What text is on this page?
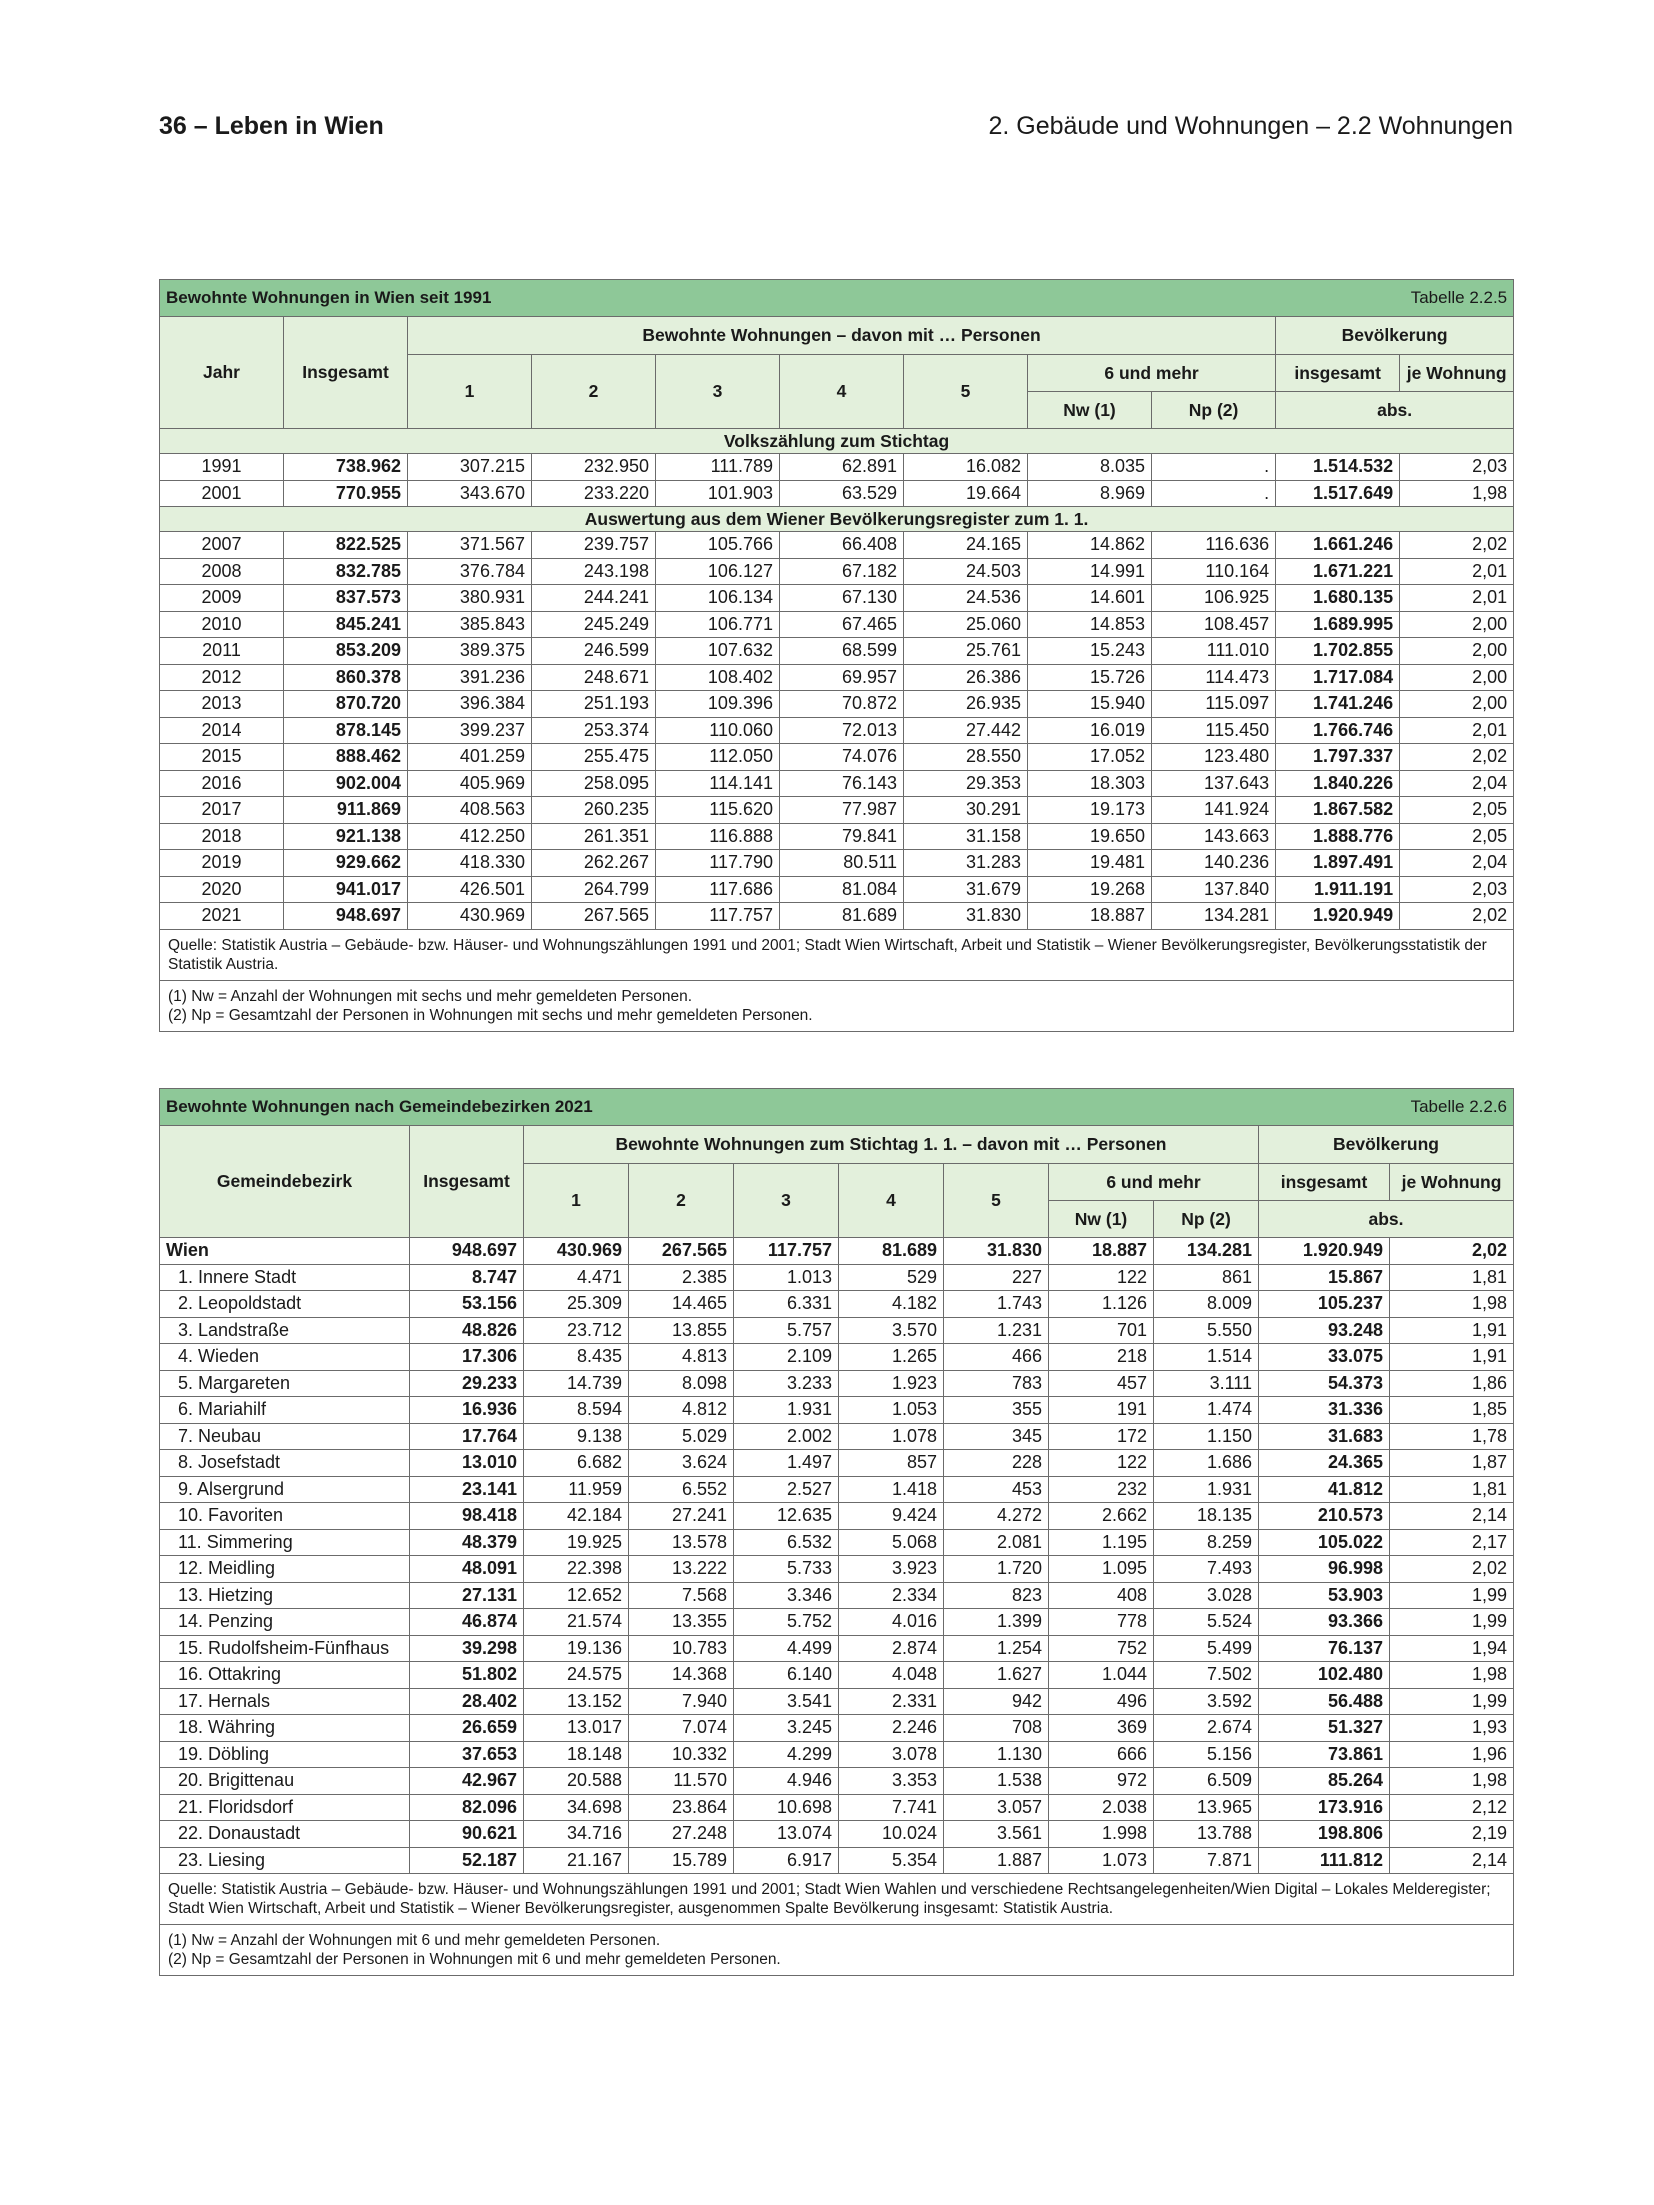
36 – Leben in Wien	2. Gebäude und Wohnungen – 2.2 Wohnungen
Bewohnte Wohnungen in Wien seit 1991									Tabelle 2.2.5	
Jahr	Insgesamt	Bewohnte Wohnungen – davon mit … Personen							Bevölkerung	
		1	2	3	4	5	6 und mehr		insgesamt	je Wohnung
							Nw (1)	Np (2)	abs.	
Volkszählung zum Stichtag										
1991	738.962	307.215	232.950	111.789	62.891	16.082	8.035	.	1.514.532	2,03
2001	770.955	343.670	233.220	101.903	63.529	19.664	8.969	.	1.517.649	1,98
Auswertung aus dem Wiener Bevölkerungsregister zum 1. 1.										
2007	822.525	371.567	239.757	105.766	66.408	24.165	14.862	116.636	1.661.246	2,02
2008	832.785	376.784	243.198	106.127	67.182	24.503	14.991	110.164	1.671.221	2,01
2009	837.573	380.931	244.241	106.134	67.130	24.536	14.601	106.925	1.680.135	2,01
2010	845.241	385.843	245.249	106.771	67.465	25.060	14.853	108.457	1.689.995	2,00
2011	853.209	389.375	246.599	107.632	68.599	25.761	15.243	111.010	1.702.855	2,00
2012	860.378	391.236	248.671	108.402	69.957	26.386	15.726	114.473	1.717.084	2,00
2013	870.720	396.384	251.193	109.396	70.872	26.935	15.940	115.097	1.741.246	2,00
2014	878.145	399.237	253.374	110.060	72.013	27.442	16.019	115.450	1.766.746	2,01
2015	888.462	401.259	255.475	112.050	74.076	28.550	17.052	123.480	1.797.337	2,02
2016	902.004	405.969	258.095	114.141	76.143	29.353	18.303	137.643	1.840.226	2,04
2017	911.869	408.563	260.235	115.620	77.987	30.291	19.173	141.924	1.867.582	2,05
2018	921.138	412.250	261.351	116.888	79.841	31.158	19.650	143.663	1.888.776	2,05
2019	929.662	418.330	262.267	117.790	80.511	31.283	19.481	140.236	1.897.491	2,04
2020	941.017	426.501	264.799	117.686	81.084	31.679	19.268	137.840	1.911.191	2,03
2021	948.697	430.969	267.565	117.757	81.689	31.830	18.887	134.281	1.920.949	2,02
Quelle: Statistik Austria – Gebäude- bzw. Häuser- und Wohnungszählungen 1991 und 2001; Stadt Wien Wirtschaft, Arbeit und Statistik – Wiener Bevölkerungsregister, Bevölkerungsstatistik der Statistik Austria.										

(1) Nw = Anzahl der Wohnungen mit sechs und mehr gemeldeten Personen.
(2) Np = Gesamtzahl der Personen in Wohnungen mit sechs und mehr gemeldeten Personen.										
Bewohnte Wohnungen nach Gemeindebezirken 2021									Tabelle 2.2.6	
Gemeindebezirk	Insgesamt	Bewohnte Wohnungen zum Stichtag 1. 1. – davon mit … Personen							Bevölkerung	
		1	2	3	4	5	6 und mehr		insgesamt	je Wohnung
							Nw (1)	Np (2)	abs.	
Wien	948.697	430.969	267.565	117.757	81.689	31.830	18.887	134.281	1.920.949	2,02
1. Innere Stadt	8.747	4.471	2.385	1.013	529	227	122	861	15.867	1,81
2. Leopoldstadt	53.156	25.309	14.465	6.331	4.182	1.743	1.126	8.009	105.237	1,98
3. Landstraße	48.826	23.712	13.855	5.757	3.570	1.231	701	5.550	93.248	1,91
4. Wieden	17.306	8.435	4.813	2.109	1.265	466	218	1.514	33.075	1,91
5. Margareten	29.233	14.739	8.098	3.233	1.923	783	457	3.111	54.373	1,86
6. Mariahilf	16.936	8.594	4.812	1.931	1.053	355	191	1.474	31.336	1,85
7. Neubau	17.764	9.138	5.029	2.002	1.078	345	172	1.150	31.683	1,78
8. Josefstadt	13.010	6.682	3.624	1.497	857	228	122	1.686	24.365	1,87
9. Alsergrund	23.141	11.959	6.552	2.527	1.418	453	232	1.931	41.812	1,81
10. Favoriten	98.418	42.184	27.241	12.635	9.424	4.272	2.662	18.135	210.573	2,14
11. Simmering	48.379	19.925	13.578	6.532	5.068	2.081	1.195	8.259	105.022	2,17
12. Meidling	48.091	22.398	13.222	5.733	3.923	1.720	1.095	7.493	96.998	2,02
13. Hietzing	27.131	12.652	7.568	3.346	2.334	823	408	3.028	53.903	1,99
14. Penzing	46.874	21.574	13.355	5.752	4.016	1.399	778	5.524	93.366	1,99
15. Rudolfsheim-Fünfhaus	39.298	19.136	10.783	4.499	2.874	1.254	752	5.499	76.137	1,94
16. Ottakring	51.802	24.575	14.368	6.140	4.048	1.627	1.044	7.502	102.480	1,98
17. Hernals	28.402	13.152	7.940	3.541	2.331	942	496	3.592	56.488	1,99
18. Währing	26.659	13.017	7.074	3.245	2.246	708	369	2.674	51.327	1,93
19. Döbling	37.653	18.148	10.332	4.299	3.078	1.130	666	5.156	73.861	1,96
20. Brigittenau	42.967	20.588	11.570	4.946	3.353	1.538	972	6.509	85.264	1,98
21. Floridsdorf	82.096	34.698	23.864	10.698	7.741	3.057	2.038	13.965	173.916	2,12
22. Donaustadt	90.621	34.716	27.248	13.074	10.024	3.561	1.998	13.788	198.806	2,19
23. Liesing	52.187	21.167	15.789	6.917	5.354	1.887	1.073	7.871	111.812	2,14
Quelle: Statistik Austria – Gebäude- bzw. Häuser- und Wohnungszählungen 1991 und 2001; Stadt Wien Wahlen und verschiedene Rechtsangelegenheiten/Wien Digital – Lokales Melderegister; Stadt Wien Wirtschaft, Arbeit und Statistik – Wiener Bevölkerungsregister, ausgenommen Spalte Bevölkerung insgesamt: Statistik Austria.										

(1) Nw = Anzahl der Wohnungen mit 6 und mehr gemeldeten Personen.
(2) Np = Gesamtzahl der Personen in Wohnungen mit 6 und mehr gemeldeten Personen.										
